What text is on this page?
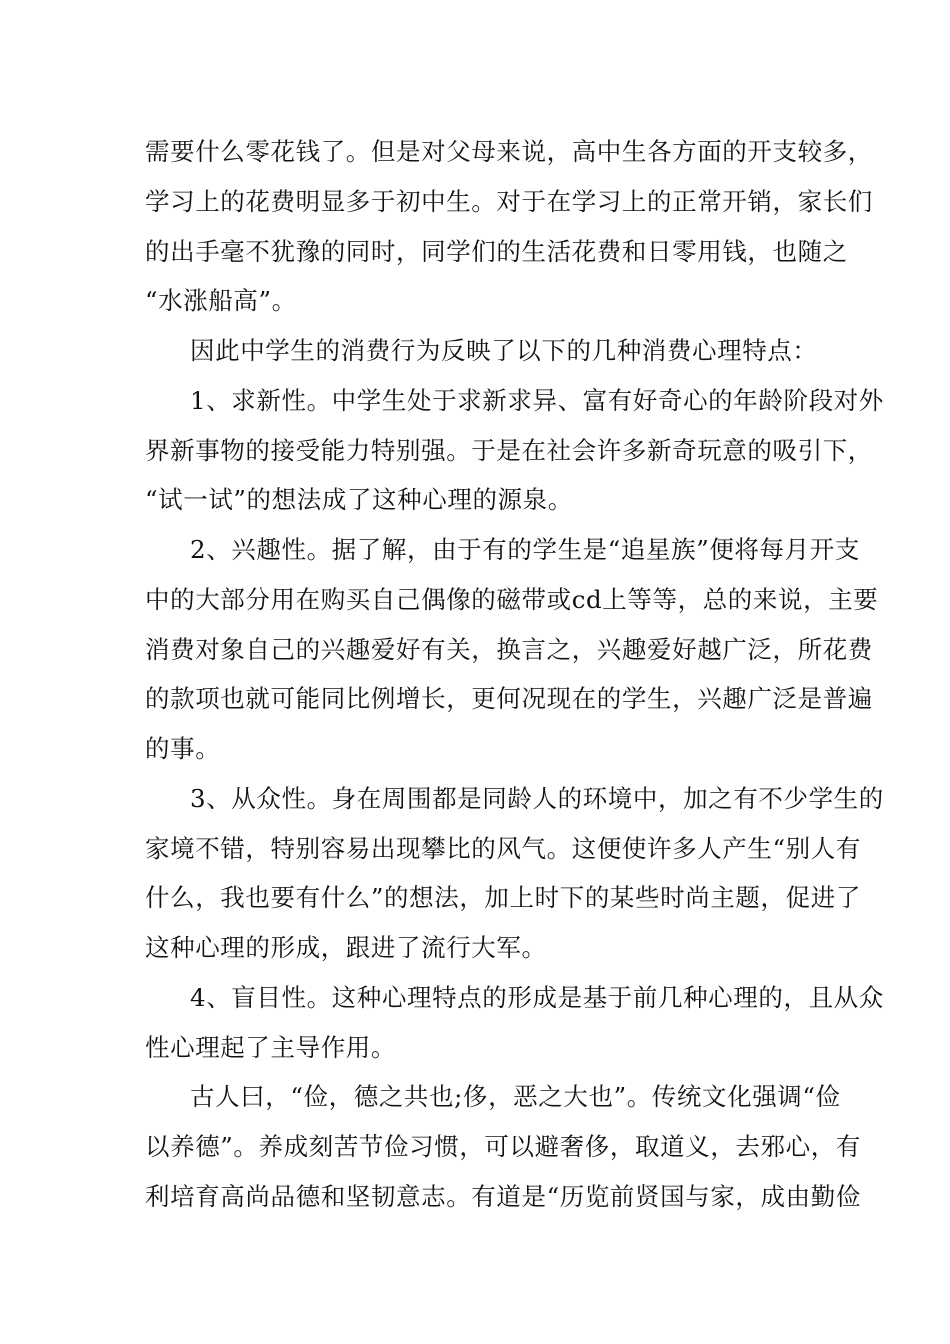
需要什么零花钱了。但是对父母来说，高中生各方面的开支较多，
学习上的花费明显多于初中生。对于在学习上的正常开销，家长们
的出手毫不犹豫的同时，同学们的生活花费和日零用钱，也随之
“水涨船高”。
因此中学生的消费行为反映了以下的几种消费心理特点：
1、求新性。中学生处于求新求异、富有好奇心的年龄阶段对外
界新事物的接受能力特别强。于是在社会许多新奇玩意的吸引下，
“试一试”的想法成了这种心理的源泉。
2、兴趣性。据了解，由于有的学生是“追星族”便将每月开支
中的大部分用在购买自己偶像的磁带或cd上等等，总的来说，主要
消费对象自己的兴趣爱好有关，换言之，兴趣爱好越广泛，所花费
的款项也就可能同比例增长，更何况现在的学生，兴趣广泛是普遍
的事。
3、从众性。身在周围都是同龄人的环境中，加之有不少学生的
家境不错，特别容易出现攀比的风气。这便使许多人产生“别人有
什么，我也要有什么”的想法，加上时下的某些时尚主题，促进了
这种心理的形成，跟进了流行大军。
4、盲目性。这种心理特点的形成是基于前几种心理的，且从众
性心理起了主导作用。
古人曰，“俭，德之共也;侈，恶之大也”。传统文化强调“俭
以养德”。养成刻苦节俭习惯，可以避奢侈，取道义，去邪心，有
利培育高尚品德和坚韧意志。有道是“历览前贤国与家，成由勤俭
